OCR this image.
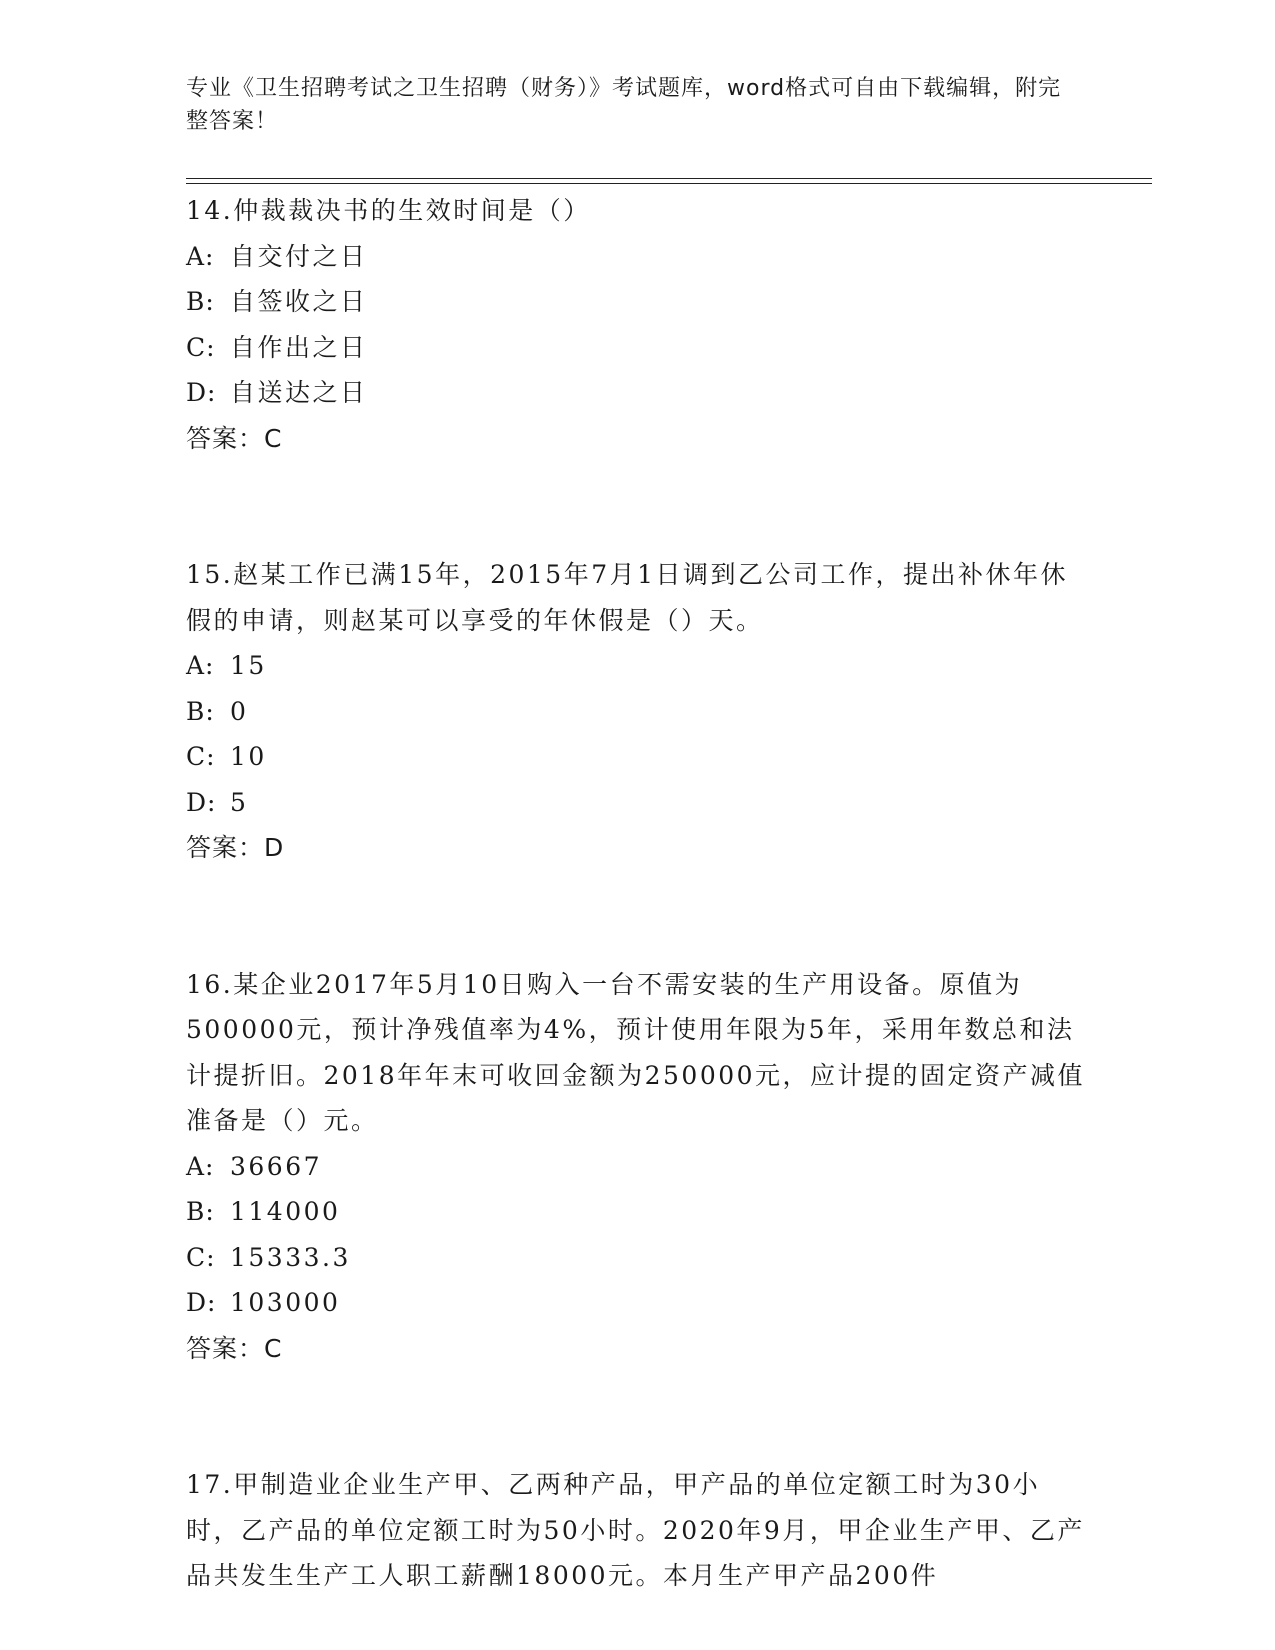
专业《卫生招聘考试之卫生招聘（财务）》考试题库，word格式可自由下载编辑，附完整答案！

14.仲裁裁决书的生效时间是（）

A: 自交付之日
B: 自签收之日
C: 自作出之日
D: 自送达之日

答案：C

15.赵某工作已满15年，2015年7月1日调到乙公司工作，提出补休年休假的申请，则赵某可以享受的年休假是（）天。

A: 15
B: 0
C: 10
D: 5

答案：D

16.某企业2017年5月10日购入一台不需安装的生产用设备。原值为500000元，预计净残值率为4%，预计使用年限为5年，采用年数总和法计提折旧。2018年年末可收回金额为250000元，应计提的固定资产减值准备是（）元。

A: 36667
B: 114000
C: 15333.3
D: 103000

答案：C

17.甲制造业企业生产甲、乙两种产品，甲产品的单位定额工时为30小时，乙产品的单位定额工时为50小时。2020年9月，甲企业生产甲、乙产品共发生生产工人职工薪酬18000元。本月生产甲产品200件
